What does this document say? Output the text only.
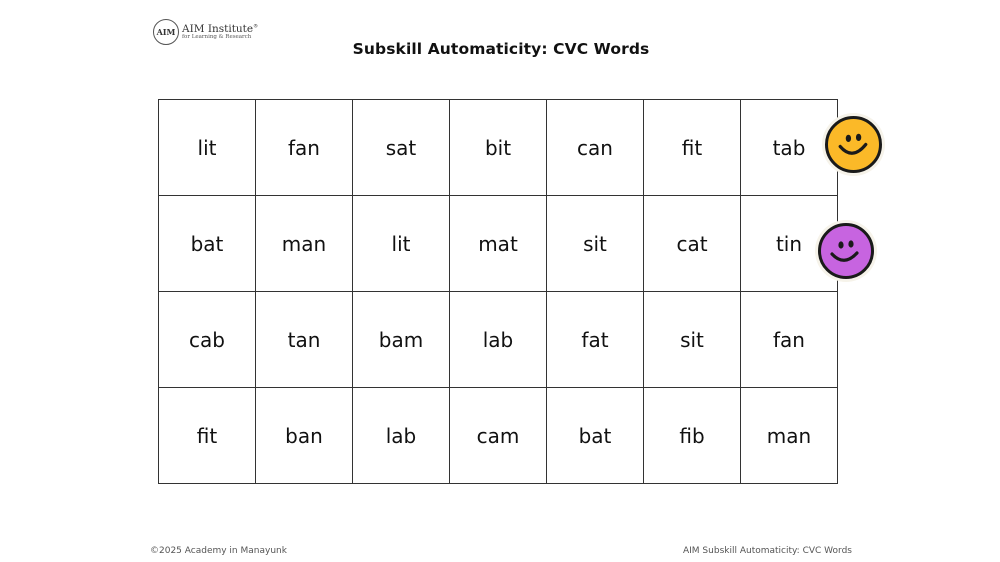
AIM AIM Institute®
for Learning & Research
Subskill Automaticity: CVC Words
lit	fan	sat	bit	can	fit	tab
bat	man	lit	mat	sit	cat	tin
cab	tan	bam	lab	fat	sit	fan
fit	ban	lab	cam	bat	fib	man
©2025 Academy in Manayunk	AIM Subskill Automaticity: CVC Words
